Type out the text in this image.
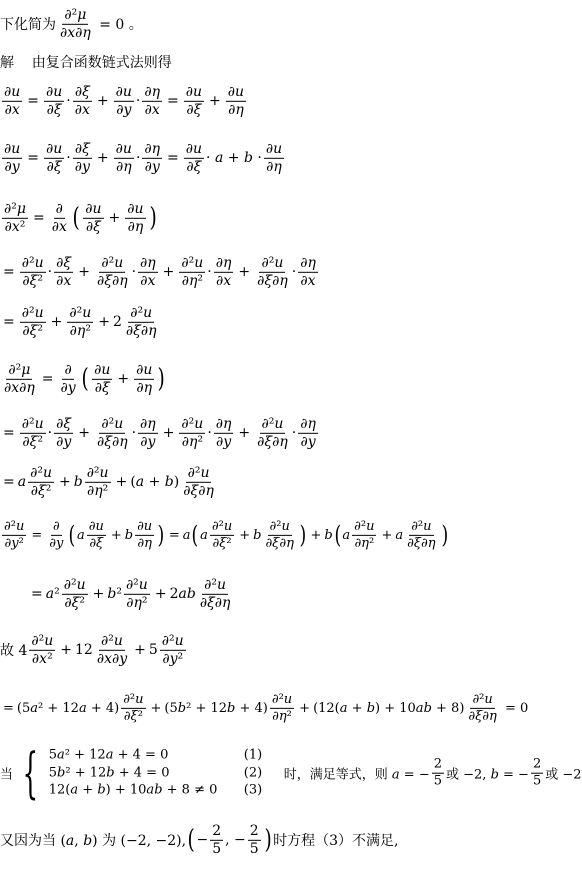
下化简为 $\frac{\text{∂²μ}}{\partial x\partial\eta} = 0$ 。
解    由复合函数链式法则得
$\frac{\partial u}{\partial x} = \frac{\partial u}{\partial\xi} \cdot \frac{\partial\xi}{\partial x} + \frac{\partial u}{\partial y} \cdot \frac{\partial\eta}{\partial x} = \frac{\partial u}{\partial\xi} + \frac{\partial u}{\partial\eta}$
$\frac{\partial u}{\partial y} = \frac{\partial u}{\partial\xi} \cdot \frac{\partial\xi}{\partial y} + \frac{\partial u}{\partial\eta} \cdot \frac{\partial\eta}{\partial y} = \frac{\partial u}{\partial\xi} \cdot a + b \cdot \frac{\partial u}{\partial\eta}$
$\frac{\text{∂²μ}}{\text{∂x²}} = \frac{\partial}{\partial x}$ ( $\frac{\partial u}{\partial\xi} + \frac{\partial u}{\partial\eta}$ )
= $\frac{\text{∂²u}}{\text{∂ξ²}} \cdot \frac{\partial\xi}{\partial x} + \frac{\text{∂²u}}{\partial\xi\partial\eta} \cdot \frac{\partial\eta}{\partial x} + \frac{\text{∂²u}}{\text{∂η²}} \cdot \frac{\partial\eta}{\partial x} + \frac{\text{∂²u}}{\partial\xi\partial\eta} \cdot \frac{\partial\eta}{\partial x}$
= $\frac{\text{∂²u}}{\text{∂ξ²}} + \frac{\text{∂²u}}{\text{∂η²}} + 2 \frac{\text{∂²u}}{\partial\xi\partial\eta}$
$\frac{\text{∂²μ}}{\partial x\partial\eta} = \frac{\partial}{\partial y}$ ( $\frac{\partial u}{\partial\xi} + \frac{\partial u}{\partial\eta}$ )
= $\frac{\text{∂²u}}{\text{∂ξ²}} \cdot \frac{\partial\xi}{\partial y} + \frac{\text{∂²u}}{\partial\xi\partial\eta} \cdot \frac{\partial\eta}{\partial y} + \frac{\text{∂²u}}{\text{∂η²}} \cdot \frac{\partial\eta}{\partial y} + \frac{\text{∂²u}}{\partial\xi\partial\eta} \cdot \frac{\partial\eta}{\partial y}$
= a $\frac{\text{∂²u}}{\text{∂ξ²}} + b \frac{\text{∂²u}}{\text{∂η²}} + (a + b) \frac{\text{∂²u}}{\partial\xi\partial\eta}$
$\frac{\text{∂²u}}{\text{∂y²}} = \frac{\partial}{\partial y}$ ( a $\frac{\partial u}{\partial\xi} + b \frac{\partial u}{\partial\eta}$ ) = a ( a $\frac{\text{∂²u}}{\text{∂ξ²}} + b \frac{\text{∂²u}}{\partial\xi\partial\eta}$ ) + b ( a $\frac{\text{∂²u}}{\text{∂η²}} + a \frac{\text{∂²u}}{\partial\xi\partial\eta}$ )
= $a^2 \frac{\text{∂²u}}{\text{∂ξ²}} + b^2 \frac{\text{∂²u}}{\text{∂η²}} + 2ab \frac{\text{∂²u}}{\partial\xi\partial\eta}$
故 $4 \frac{\text{∂²u}}{\text{∂x²}} + 12 \frac{\text{∂²u}}{\partial x\partial y} + 5 \frac{\text{∂²u}}{\text{∂y²}}$
= $(5a^2 + 12a + 4) \frac{\text{∂²u}}{\text{∂ξ²}} + (5b^2 + 12b + 4) \frac{\text{∂²u}}{\text{∂η²}} + (12(a + b) + 10ab + 8) \frac{\text{∂²u}}{\partial\xi\partial\eta} = 0$
当 { 5a² + 12a + 4 = 0	(1)
5b² + 12b + 4 = 0	(2)
12(a + b) + 10ab + 8 ≠ 0	(3)
时，满足等式，则 a = − $\frac{2}{5}$ 或 −2, b = − $\frac{2}{5}$ 或 −2
又因为当 (a, b) 为 (−2, −2), ( − $\frac{2}{5}$ , − $\frac{2}{5}$ ) 时方程（3）不满足,
